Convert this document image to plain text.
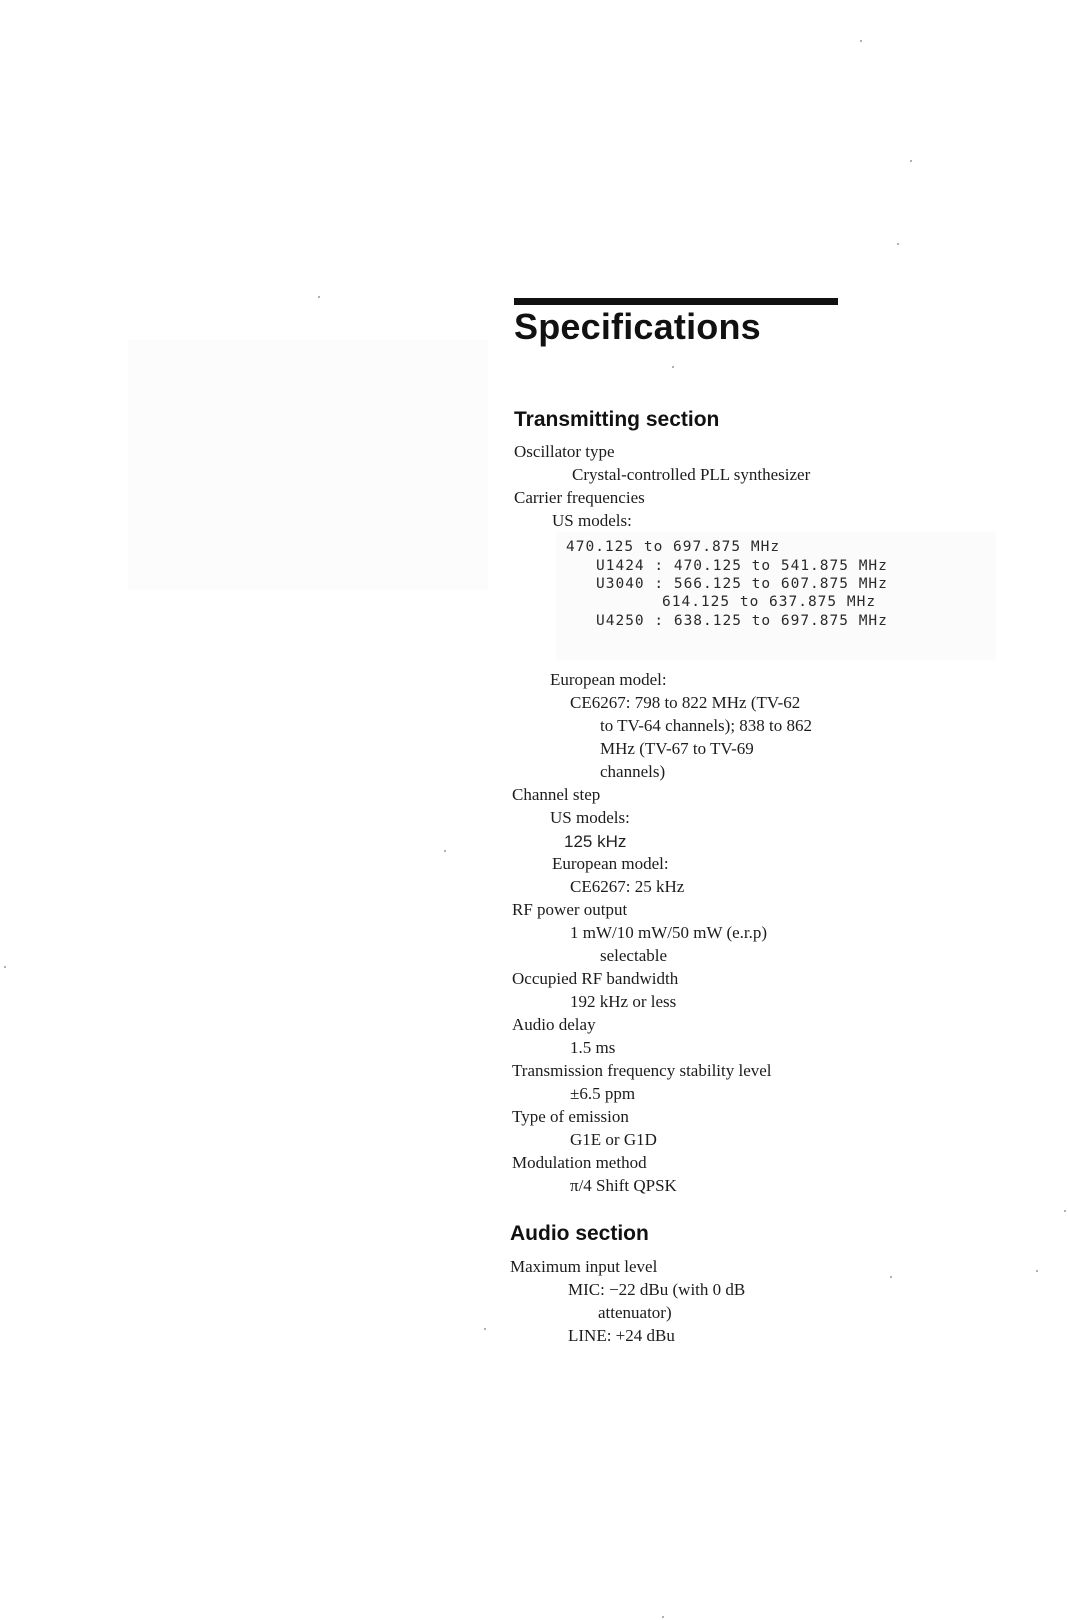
Specifications
Transmitting section
Oscillator type
Crystal-controlled PLL synthesizer
Carrier frequencies
US models:
470.125 to 697.875 MHz
U1424 : 470.125 to 541.875 MHz
U3040 : 566.125 to 607.875 MHz
614.125 to 637.875 MHz
U4250 : 638.125 to 697.875 MHz
European model:
CE6267: 798 to 822 MHz (TV-62
to TV-64 channels); 838 to 862
MHz (TV-67 to TV-69
channels)
Channel step
US models:
125 kHz
European model:
CE6267: 25 kHz
RF power output
1 mW/10 mW/50 mW (e.r.p)
selectable
Occupied RF bandwidth
192 kHz or less
Audio delay
1.5 ms
Transmission frequency stability level
±6.5 ppm
Type of emission
G1E or G1D
Modulation method
π/4 Shift QPSK
Audio section
Maximum input level
MIC: −22 dBu (with 0 dB
attenuator)
LINE: +24 dBu
